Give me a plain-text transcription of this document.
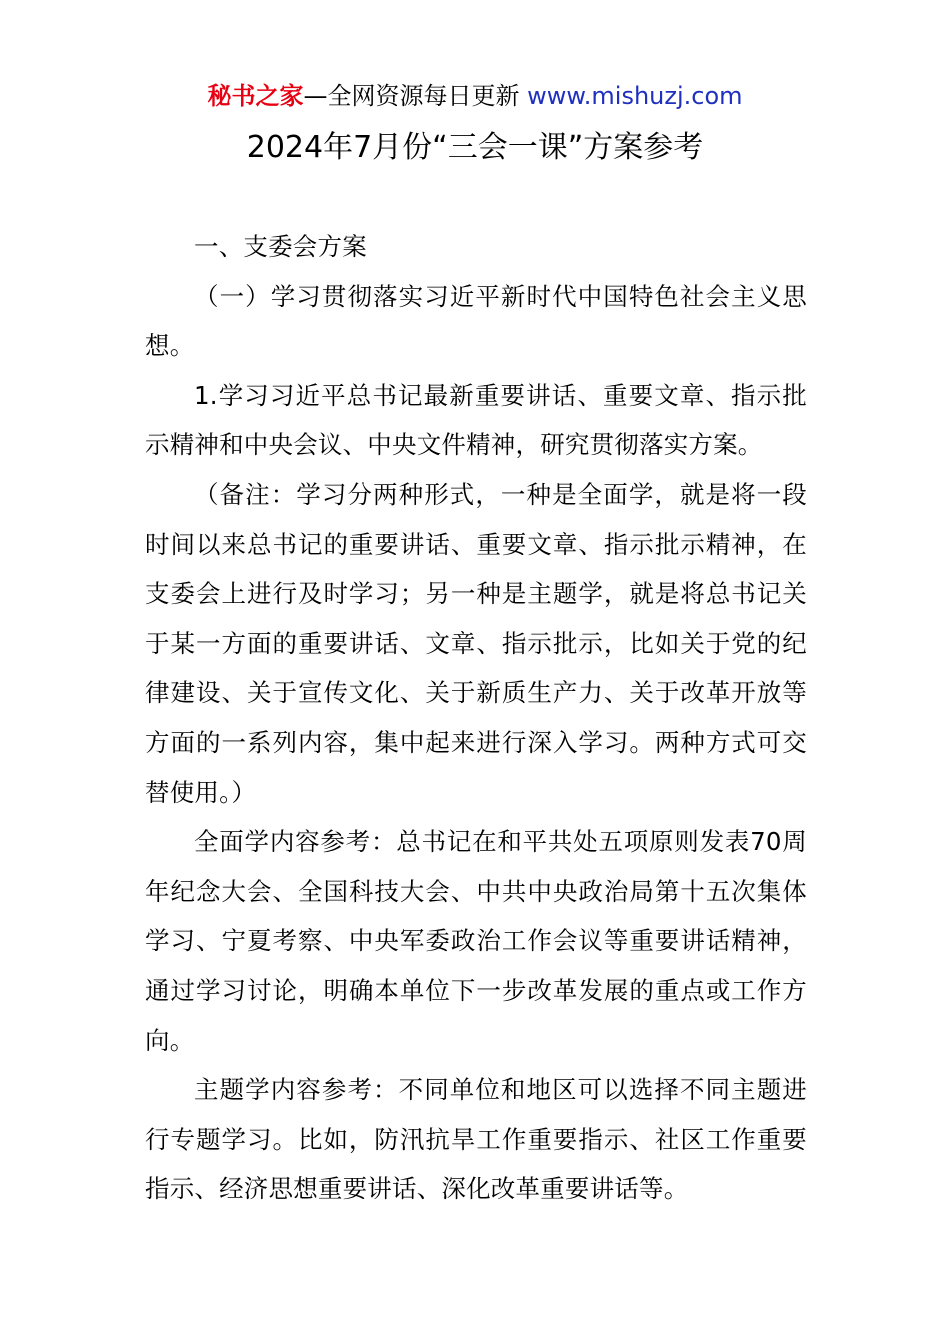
秘书之家—全网资源每日更新 www.mishuzj.com
2024年7月份“三会一课”方案参考

一、支委会方案

（一）学习贯彻落实习近平新时代中国特色社会主义思想。

1.学习习近平总书记最新重要讲话、重要文章、指示批示精神和中央会议、中央文件精神，研究贯彻落实方案。

（备注：学习分两种形式，一种是全面学，就是将一段时间以来总书记的重要讲话、重要文章、指示批示精神，在支委会上进行及时学习；另一种是主题学，就是将总书记关于某一方面的重要讲话、文章、指示批示，比如关于党的纪律建设、关于宣传文化、关于新质生产力、关于改革开放等方面的一系列内容，集中起来进行深入学习。两种方式可交替使用。）

全面学内容参考：总书记在和平共处五项原则发表70周年纪念大会、全国科技大会、中共中央政治局第十五次集体学习、宁夏考察、中央军委政治工作会议等重要讲话精神，通过学习讨论，明确本单位下一步改革发展的重点或工作方向。

主题学内容参考：不同单位和地区可以选择不同主题进行专题学习。比如，防汛抗旱工作重要指示、社区工作重要指示、经济思想重要讲话、深化改革重要讲话等。
